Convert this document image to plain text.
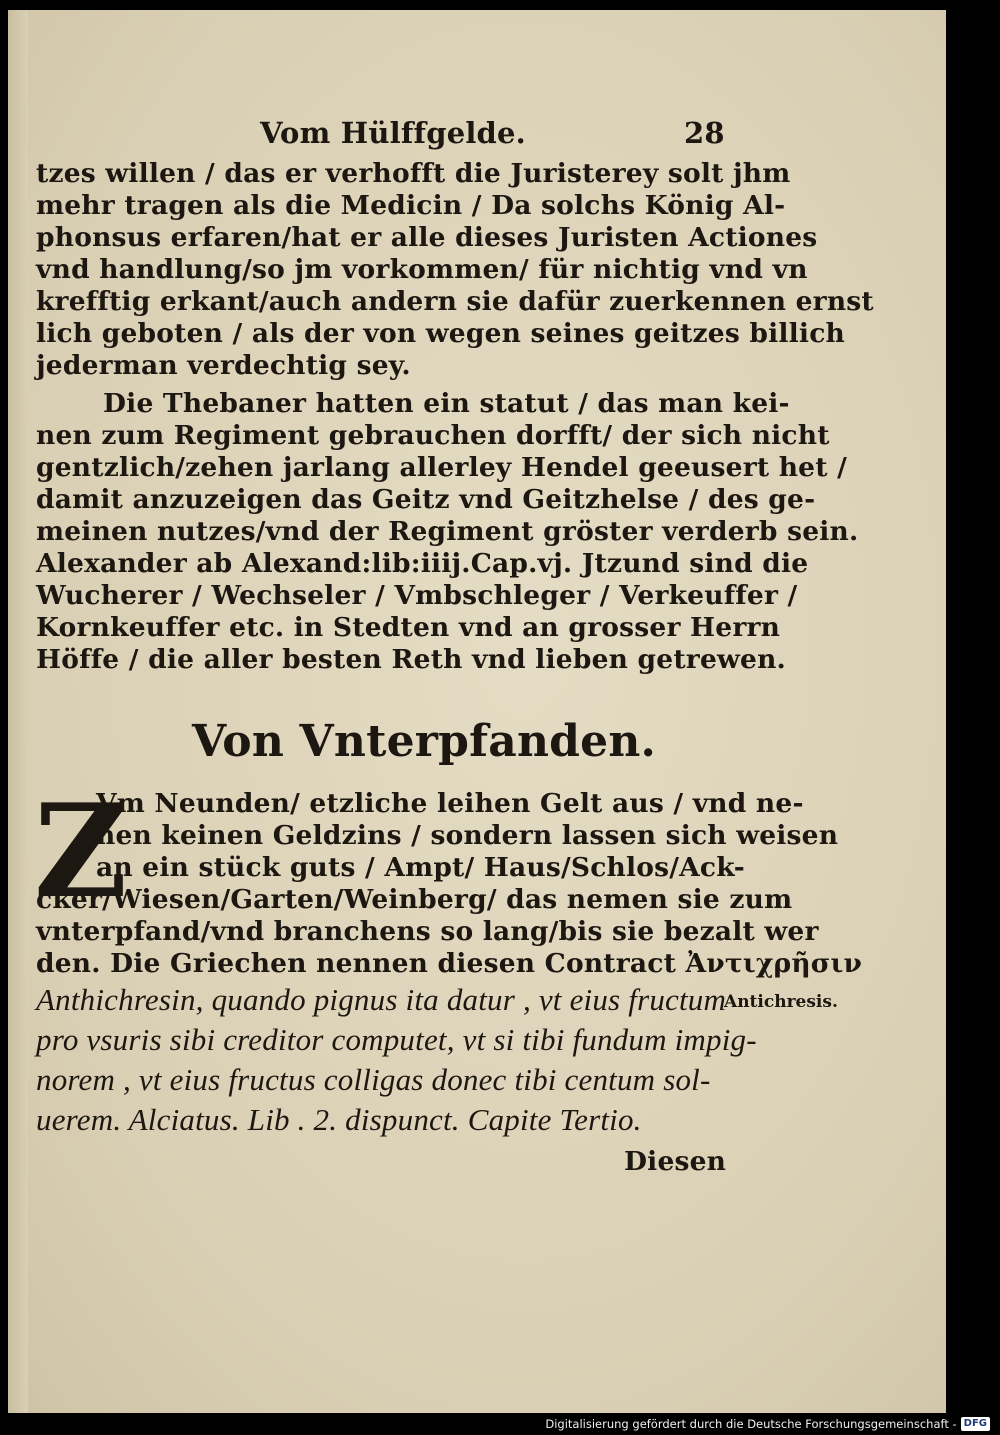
Vom Hülffgelde.	28
tzes willen / das er verhofft die Juristerey solt jhm
mehr tragen als die Medicin / Da solchs König Al-
phonsus erfaren/hat er alle dieses Juristen Actiones
vnd handlung/so jm vorkommen/ für nichtig vnd vn
krefftig erkant/auch andern sie dafür zuerkennen ernst
lich geboten / als der von wegen seines geitzes billich
jederman verdechtig sey.
Die Thebaner hatten ein statut / das man kei-
nen zum Regiment gebrauchen dorfft/ der sich nicht
gentzlich/zehen jarlang allerley Hendel geeusert het /
damit anzuzeigen das Geitz vnd Geitzhelse / des ge-
meinen nutzes/vnd der Regiment gröster verderb sein.
Alexander ab Alexand:lib:iiij.Cap.vj. Jtzund sind die
Wucherer / Wechseler / Vmbschleger / Verkeuffer /
Kornkeuffer etc. in Stedten vnd an grosser Herrn
Höffe / die aller besten Reth vnd lieben getrewen.
Von Vnterpfanden.
Z
Vm Neunden/ etzliche leihen Gelt aus / vnd ne-
nen keinen Geldzins / sondern lassen sich weisen
an ein stück guts / Ampt/ Haus/Schlos/Ack-
cker/Wiesen/Garten/Weinberg/ das nemen sie zum
vnterpfand/vnd branchens so lang/bis sie bezalt wer
den. Die Griechen nennen diesen Contract Ἀντιχρῆσιν
Anthichresin, quando pignus ita datur , vt eius fructum
pro vsuris sibi creditor computet, vt si tibi fundum impig-
norem , vt eius fructus colligas donec tibi centum sol-
uerem. Alciatus. Lib . 2. dispunct. Capite Tertio.
Antichresis.
Diesen
Digitalisierung gefördert durch die Deutsche Forschungsgemeinschaft - DFG
